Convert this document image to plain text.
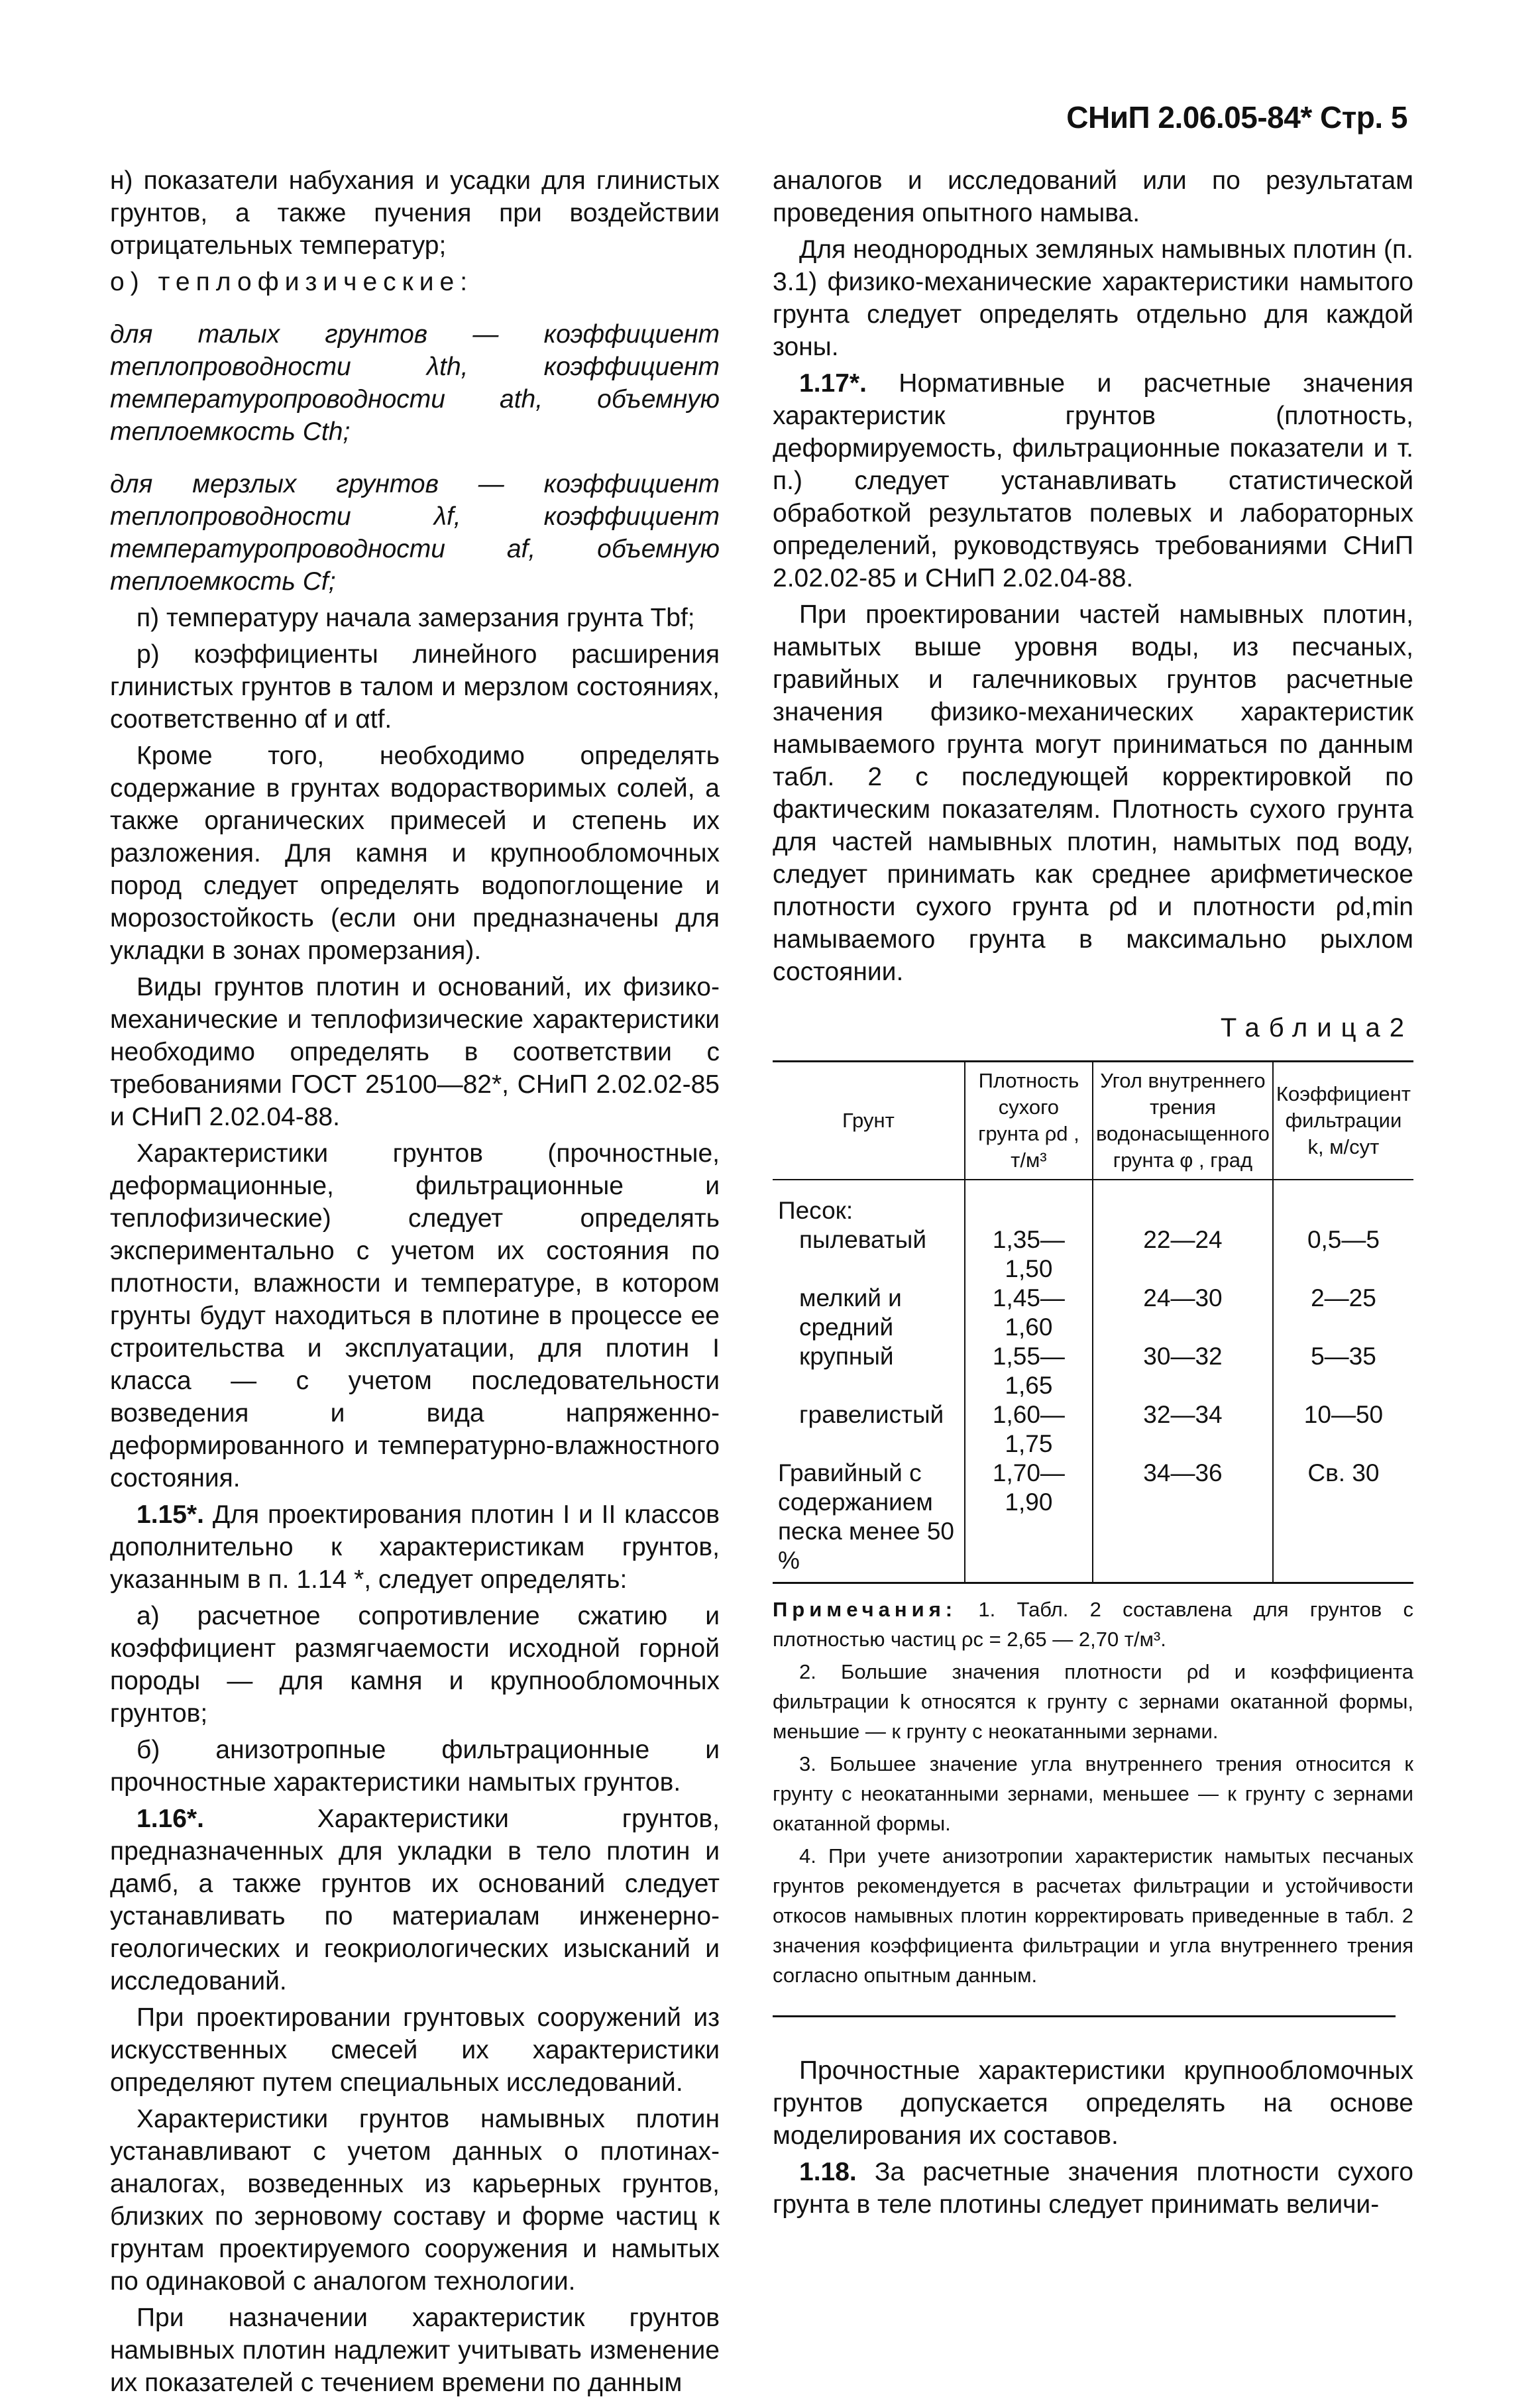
СНиП 2.06.05-84* Стр. 5

н) показатели набухания и усадки для глинистых грунтов, а также пучения при воздействии отрицательных температур;

о) теплофизические:

для талых грунтов — коэффициент теплопроводности λth, коэффициент температуропроводности ath, объемную теплоемкость Cth;

для мерзлых грунтов — коэффициент теплопроводности λf, коэффициент температуропроводности af, объемную теплоемкость Cf;

п) температуру начала замерзания грунта Tbf;

р) коэффициенты линейного расширения глинистых грунтов в талом и мерзлом состояниях, соответственно αf и αtf.

Кроме того, необходимо определять содержание в грунтах водорастворимых солей, а также органических примесей и степень их разложения. Для камня и крупнообломочных пород следует определять водопоглощение и морозостойкость (если они предназначены для укладки в зонах промерзания).

Виды грунтов плотин и оснований, их физико-механические и теплофизические характеристики необходимо определять в соответствии с требованиями ГОСТ 25100—82*, СНиП 2.02.02-85 и СНиП 2.02.04-88.

Характеристики грунтов (прочностные, деформационные, фильтрационные и теплофизические) следует определять экспериментально с учетом их состояния по плотности, влажности и температуре, в котором грунты будут находиться в плотине в процессе ее строительства и эксплуатации, для плотин I класса — с учетом последовательности возведения и вида напряженно-деформированного и температурно-влажностного состояния.

1.15*. Для проектирования плотин I и II классов дополнительно к характеристикам грунтов, указанным в п. 1.14 *, следует определять:

а) расчетное сопротивление сжатию и коэффициент размягчаемости исходной горной породы — для камня и крупнообломочных грунтов;

б) анизотропные фильтрационные и прочностные характеристики намытых грунтов.

1.16*.	Характеристики грунтов, предназначенных для укладки в тело плотин и дамб, а также грунтов их оснований следует устанавливать по материалам инженерно-геологических и геокриологических изысканий и исследований.

При проектировании грунтовых сооружений из искусственных смесей их характеристики определяют путем специальных исследований.

Характеристики грунтов намывных плотин устанавливают с учетом данных о плотинах-аналогах, возведенных из карьерных грунтов, близких по зерновому составу и форме частиц к грунтам проектируемого сооружения и намытых по одинаковой с аналогом технологии.

При назначении характеристик грунтов намывных плотин надлежит учитывать изменение их показателей с течением времени по данным

аналогов и исследований или по результатам проведения опытного намыва.

Для неоднородных земляных намывных плотин (п. 3.1) физико-механические характеристики намытого грунта следует определять отдельно для каждой зоны.

1.17*. Нормативные и расчетные значения характеристик грунтов (плотность, деформируемость, фильтрационные показатели и т. п.) следует устанавливать статистической обработкой результатов полевых и лабораторных определений, руководствуясь требованиями СНиП 2.02.02-85 и СНиП 2.02.04-88.

При проектировании частей намывных плотин, намытых выше уровня воды, из песчаных, гравийных и галечниковых грунтов расчетные значения физико-механических характеристик намываемого грунта могут приниматься по данным табл. 2 с последующей корректировкой по фактическим показателям. Плотность сухого грунта для частей намывных плотин, намытых под воду, следует принимать как среднее арифметическое плотности сухого грунта ρd и плотности ρd,min намываемого грунта в максимально рыхлом состоянии.

Таблица2
Грунт	Плотность сухого грунта ρd , т/м³	Угол внутреннего трения водонасыщенного грунта φ , град	Коэффициент фильтрации k, м/сут
Песок:			
пылеватый	1,35—1,50	22—24	0,5—5
мелкий и средний	1,45—1,60	24—30	2—25
крупный	1,55—1,65	30—32	5—35
гравелистый	1,60—1,75	32—34	10—50
Гравийный с содержанием песка менее 50 %	1,70—1,90	34—36	Св. 30

Примечания: 1. Табл. 2 составлена для грунтов с плотностью частиц ρc = 2,65 — 2,70 т/м³.

2. Большие значения плотности ρd и коэффициента фильтрации k относятся к грунту с зернами окатанной формы, меньшие — к грунту с неокатанными зернами.

3. Большее значение угла внутреннего трения относится к грунту с неокатанными зернами, меньшее — к грунту с зернами окатанной формы.

4. При учете анизотропии характеристик намытых песчаных грунтов рекомендуется в расчетах фильтрации и устойчивости откосов намывных плотин корректировать приведенные в табл. 2 значения коэффициента фильтрации и угла внутреннего трения согласно опытным данным.

Прочностные характеристики крупнообломочных грунтов допускается определять на основе моделирования их составов.

1.18. За расчетные значения плотности сухого грунта в теле плотины следует принимать величи-
